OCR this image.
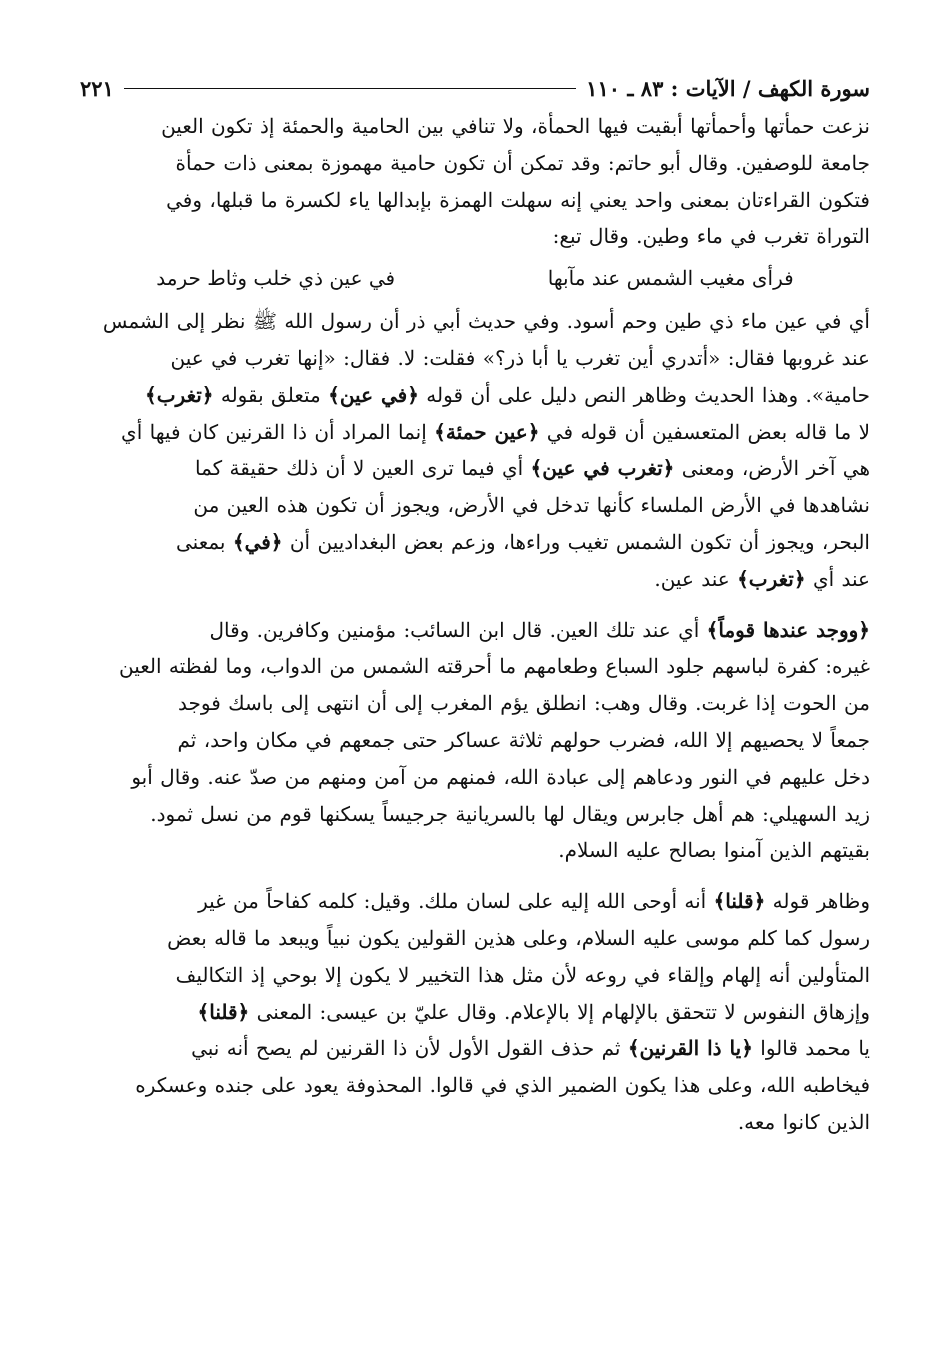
سورة الكهف / الآيات : ٨٣ ـ ١١٠
٢٢١

نزعت حمأتها وأحمأتها أبقيت فيها الحمأة، ولا تنافي بين الحامية والحمئة إذ تكون العين

جامعة للوصفين. وقال أبو حاتم: وقد تمكن أن تكون حامية مهموزة بمعنى ذات حمأة

فتكون القراءتان بمعنى واحد يعني إنه سهلت الهمزة بإبدالها ياء لكسرة ما قبلها، وفي

التوراة تغرب في ماء وطين. وقال تبع:

فرأى مغيب الشمس عند مآبها
في عين ذي خلب وثاط حرمد

أي في عين ماء ذي طين وحم أسود. وفي حديث أبي ذر أن رسول الله ﷺ نظر إلى الشمس

عند غروبها فقال: «أتدري أين تغرب يا أبا ذر؟» فقلت: لا. فقال: «إنها تغرب في عين

حامية». وهذا الحديث وظاهر النص دليل على أن قوله ﴿في عين﴾ متعلق بقوله ﴿تغرب﴾

لا ما قاله بعض المتعسفين أن قوله في ﴿عين حمئة﴾ إنما المراد أن ذا القرنين كان فيها أي

هي آخر الأرض، ومعنى ﴿تغرب في عين﴾ أي فيما ترى العين لا أن ذلك حقيقة كما

نشاهدها في الأرض الملساء كأنها تدخل في الأرض، ويجوز أن تكون هذه العين من

البحر، ويجوز أن تكون الشمس تغيب وراءها، وزعم بعض البغداديين أن ﴿في﴾ بمعنى

عند أي ﴿تغرب﴾ عند عين.

﴿ووجد عندها قوماً﴾ أي عند تلك العين. قال ابن السائب: مؤمنين وكافرين. وقال

غيره: كفرة لباسهم جلود السباع وطعامهم ما أحرقته الشمس من الدواب، وما لفظته العين

من الحوت إذا غربت. وقال وهب: انطلق يؤم المغرب إلى أن انتهى إلى باسك فوجد

جمعاً لا يحصيهم إلا الله، فضرب حولهم ثلاثة عساكر حتى جمعهم في مكان واحد، ثم

دخل عليهم في النور ودعاهم إلى عبادة الله، فمنهم من آمن ومنهم من صدّ عنه. وقال أبو

زيد السهيلي: هم أهل جابرس ويقال لها بالسريانية جرجيساً يسكنها قوم من نسل ثمود.

بقيتهم الذين آمنوا بصالح عليه السلام.

وظاهر قوله ﴿قلنا﴾ أنه أوحى الله إليه على لسان ملك. وقيل: كلمه كفاحاً من غير

رسول كما كلم موسى عليه السلام، وعلى هذين القولين يكون نبياً ويبعد ما قاله بعض

المتأولين أنه إلهام وإلقاء في روعه لأن مثل هذا التخيير لا يكون إلا بوحي إذ التكاليف

وإزهاق النفوس لا تتحقق بالإلهام إلا بالإعلام. وقال عليّ بن عيسى: المعنى ﴿قلنا﴾

يا محمد قالوا ﴿يا ذا القرنين﴾ ثم حذف القول الأول لأن ذا القرنين لم يصح أنه نبي

فيخاطبه الله، وعلى هذا يكون الضمير الذي في قالوا. المحذوفة يعود على جنده وعسكره

الذين كانوا معه.
